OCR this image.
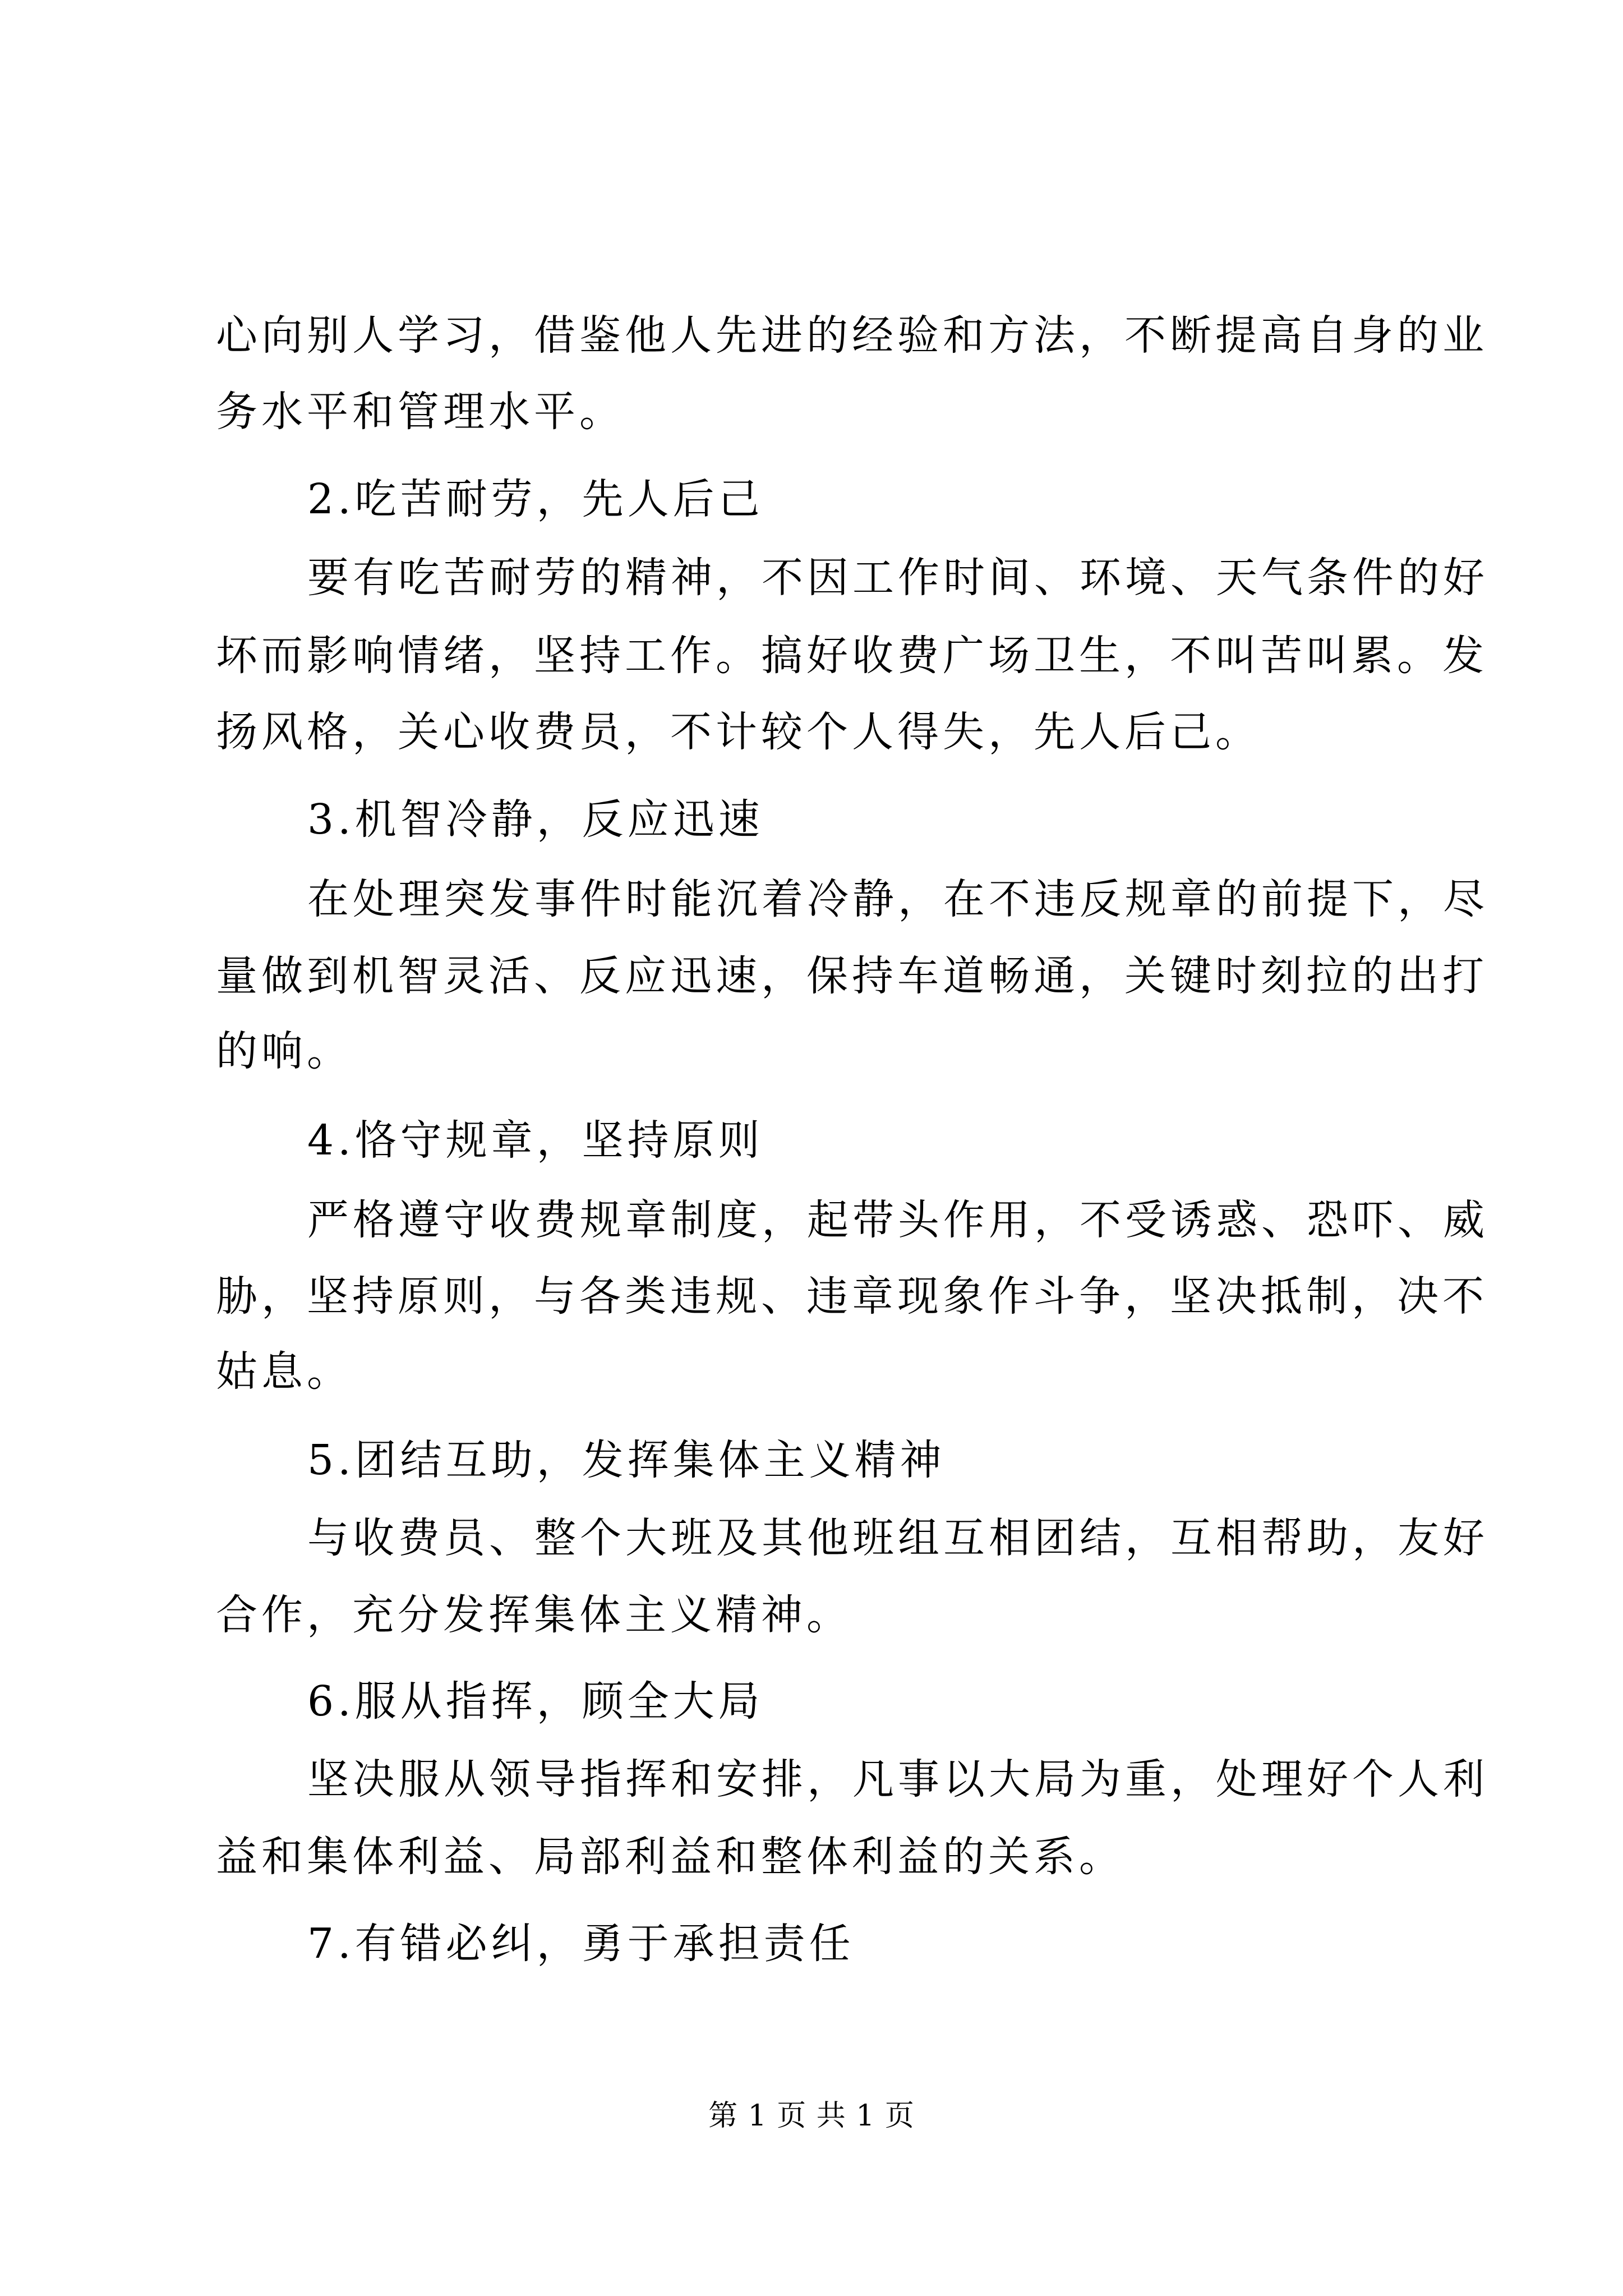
心向别人学习，借鉴他人先进的经验和方法，不断提高自身的业
务水平和管理水平。
2.吃苦耐劳，先人后己
要有吃苦耐劳的精神，不因工作时间、环境、天气条件的好
坏而影响情绪，坚持工作。搞好收费广场卫生，不叫苦叫累。发
扬风格，关心收费员，不计较个人得失，先人后己。
3.机智冷静，反应迅速
在处理突发事件时能沉着冷静，在不违反规章的前提下，尽
量做到机智灵活、反应迅速，保持车道畅通，关键时刻拉的出打
的响。
4.恪守规章，坚持原则
严格遵守收费规章制度，起带头作用，不受诱惑、恐吓、威
胁，坚持原则，与各类违规、违章现象作斗争，坚决抵制，决不
姑息。
5.团结互助，发挥集体主义精神
与收费员、整个大班及其他班组互相团结，互相帮助，友好
合作，充分发挥集体主义精神。
6.服从指挥，顾全大局
坚决服从领导指挥和安排，凡事以大局为重，处理好个人利
益和集体利益、局部利益和整体利益的关系。
7.有错必纠，勇于承担责任
第 1 页 共 1 页
